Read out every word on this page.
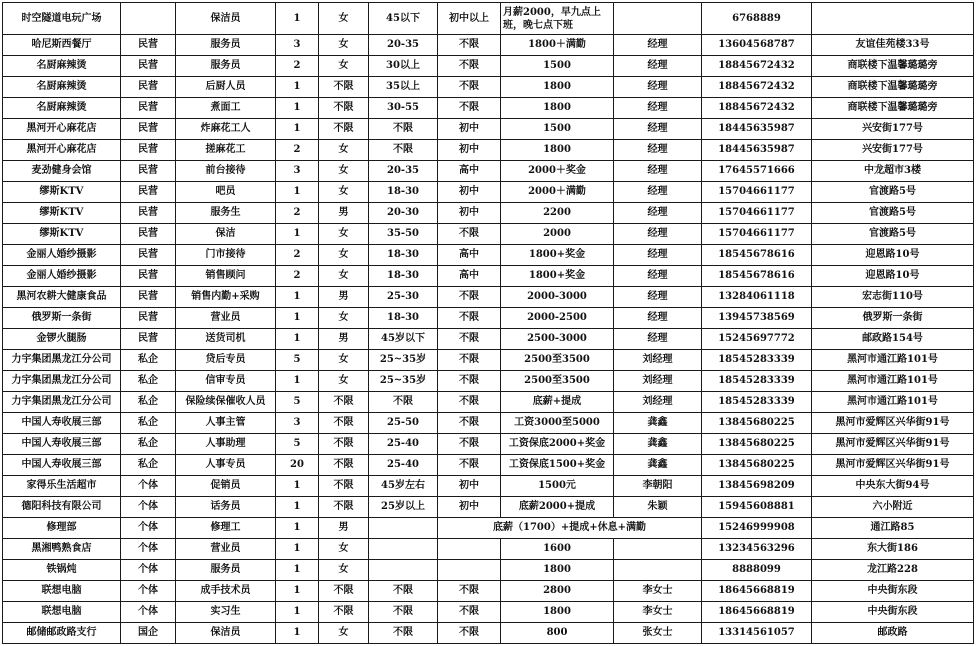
时空隧道电玩广场		保洁员	1	女	45以下	初中以上	月薪2000，早九点上班，晚七点下班		6768889	
哈尼斯西餐厅	民营	服务员	3	女	20-35	不限	1800＋满勤	经理	13604568787	友谊佳苑楼33号
名厨麻辣烫	民营	服务员	2	女	30以上	不限	1500	经理	18845672432	商联楼下温馨璐璐旁
名厨麻辣烫	民营	后厨人员	1	不限	35以上	不限	1800	经理	18845672432	商联楼下温馨璐璐旁
名厨麻辣烫	民营	煮面工	1	不限	30-55	不限	1800	经理	18845672432	商联楼下温馨璐璐旁
黑河开心麻花店	民营	炸麻花工人	1	不限	不限	初中	1500	经理	18445635987	兴安街177号
黑河开心麻花店	民营	搓麻花工	2	女	不限	初中	1800	经理	18445635987	兴安街177号
麦劲健身会馆	民营	前台接待	3	女	20-35	高中	2000＋奖金	经理	17645571666	中龙超市3楼
缪斯KTV	民营	吧员	1	女	18-30	初中	2000＋满勤	经理	15704661177	官渡路5号
缪斯KTV	民营	服务生	2	男	20-30	初中	2200	经理	15704661177	官渡路5号
缪斯KTV	民营	保洁	1	女	35-50	不限	2000	经理	15704661177	官渡路5号
金丽人婚纱摄影	民营	门市接待	2	女	18-30	高中	1800+奖金	经理	18545678616	迎恩路10号
金丽人婚纱摄影	民营	销售顾问	2	女	18-30	高中	1800+奖金	经理	18545678616	迎恩路10号
黑河农耕大健康食品	民营	销售内勤+采购	1	男	25-30	不限	2000-3000	经理	13284061118	宏志街110号
俄罗斯一条街	民营	营业员	1	女	18-30	不限	2000-2500	经理	13945738569	俄罗斯一条街
金锣火腿肠	民营	送货司机	1	男	45岁以下	不限	2500-3000	经理	15245697772	邮政路154号
力宇集团黑龙江分公司	私企	贷后专员	5	女	25~35岁	不限	2500至3500	刘经理	18545283339	黑河市通江路101号
力宇集团黑龙江分公司	私企	信审专员	1	女	25~35岁	不限	2500至3500	刘经理	18545283339	黑河市通江路101号
力宇集团黑龙江分公司	私企	保险续保催收人员	5	不限	不限	不限	底薪+提成	刘经理	18545283339	黑河市通江路101号
中国人寿收展三部	私企	人事主管	3	不限	25-50	不限	工资3000至5000	龚鑫	13845680225	黑河市爱辉区兴华街91号
中国人寿收展三部	私企	人事助理	5	不限	25-40	不限	工资保底2000+奖金	龚鑫	13845680225	黑河市爱辉区兴华街91号
中国人寿收展三部	私企	人事专员	20	不限	25-40	不限	工资保底1500+奖金	龚鑫	13845680225	黑河市爱辉区兴华街91号
家得乐生活超市	个体	促销员	1	不限	45岁左右	初中	1500元	李朝阳	13845698209	中央东大街94号
德阳科技有限公司	个体	话务员	1	不限	25岁以上	初中	底薪2000+提成	朱颖	15945608881	六小附近
修理部	个体	修理工	1	男		底薪（1700）+提成+休息+满勤			15246999908	通江路85
黑湘鸭熟食店	个体	营业员	1	女			1600		13234563296	东大街186
铁锅炖	个体	服务员	1	女			1800		8888099	龙江路228
联想电脑	个体	成手技术员	1	不限	不限	不限	2800	李女士	18645668819	中央街东段
联想电脑	个体	实习生	1	不限	不限	不限	1800	李女士	18645668819	中央街东段
邮储邮政路支行	国企	保洁员	1	女	不限	不限	800	张女士	13314561057	邮政路
